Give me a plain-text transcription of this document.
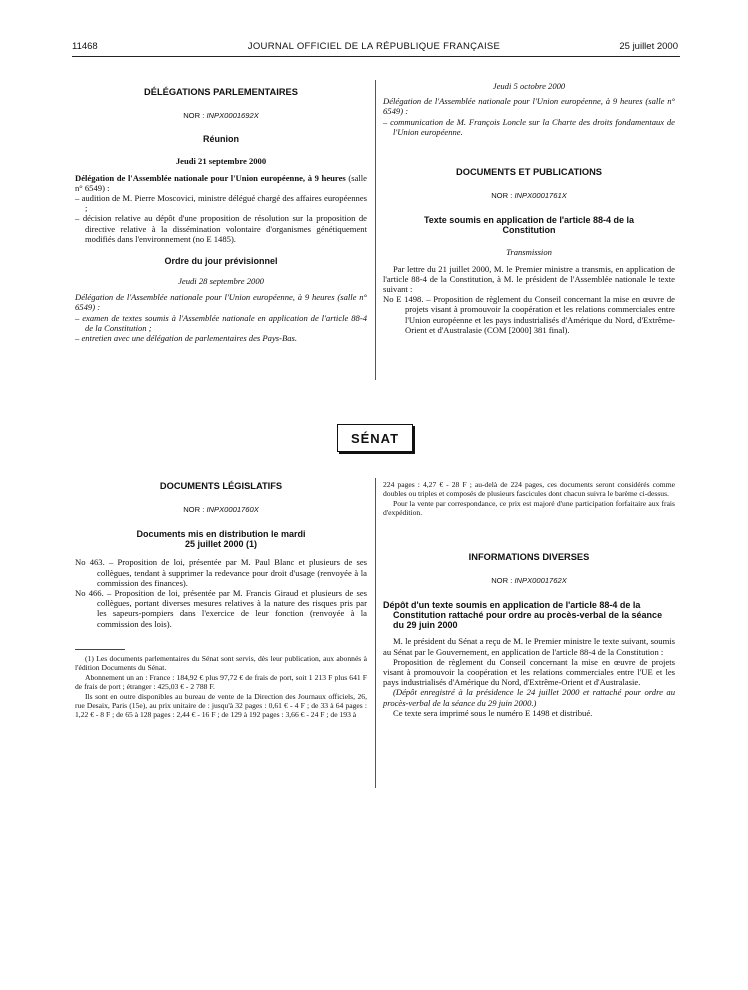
11468	JOURNAL OFFICIEL DE LA RÉPUBLIQUE FRANÇAISE	25 juillet 2000
DÉLÉGATIONS PARLEMENTAIRES
NOR : INPX0001692X
Réunion
Jeudi 21 septembre 2000

Délégation de l'Assemblée nationale pour l'Union européenne, à 9 heures (salle n° 6549) :

– audition de M. Pierre Moscovici, ministre délégué chargé des affaires européennes ;

– décision relative au dépôt d'une proposition de résolution sur la proposition de directive relative à la dissémination volontaire d'organismes génétiquement modifiés dans l'environnement (no E 1485).

Ordre du jour prévisionnel
Jeudi 28 septembre 2000

Délégation de l'Assemblée nationale pour l'Union européenne, à 9 heures (salle n° 6549) :

– examen de textes soumis à l'Assemblée nationale en application de l'article 88-4 de la Constitution ;

– entretien avec une délégation de parlementaires des Pays-Bas.

Jeudi 5 octobre 2000

Délégation de l'Assemblée nationale pour l'Union européenne, à 9 heures (salle n° 6549) :

– communication de M. François Loncle sur la Charte des droits fondamentaux de l'Union européenne.

DOCUMENTS ET PUBLICATIONS
NOR : INPX0001761X
Texte soumis en application de l'article 88-4 de la Constitution
Transmission

Par lettre du 21 juillet 2000, M. le Premier ministre a transmis, en application de l'article 88-4 de la Constitution, à M. le président de l'Assemblée nationale le texte suivant :

No E 1498. – Proposition de règlement du Conseil concernant la mise en œuvre de projets visant à promouvoir la coopération et les relations commerciales entre l'Union européenne et les pays industrialisés d'Amérique du Nord, d'Extrême-Orient et d'Australasie (COM [2000] 381 final).

SÉNAT
DOCUMENTS LÉGISLATIFS
NOR : INPX0001760X
Documents mis en distribution le mardi 25 juillet 2000 (1)

No 463. – Proposition de loi, présentée par M. Paul Blanc et plusieurs de ses collègues, tendant à supprimer la redevance pour droit d'usage (renvoyée à la commission des finances).

No 466. – Proposition de loi, présentée par M. Francis Giraud et plusieurs de ses collègues, portant diverses mesures relatives à la nature des risques pris par les sapeurs-pompiers dans l'exercice de leur fonction (renvoyée à la commission des lois).

(1) Les documents parlementaires du Sénat sont servis, dès leur publication, aux abonnés à l'édition Documents du Sénat.

Abonnement un an : France : 184,92 € plus 97,72 € de frais de port, soit 1 213 F plus 641 F de frais de port ; étranger : 425,03 € - 2 788 F.

Ils sont en outre disponibles au bureau de vente de la Direction des Journaux officiels, 26, rue Desaix, Paris (15e), au prix unitaire de : jusqu'à 32 pages : 0,61 € - 4 F ; de 33 à 64 pages : 1,22 € - 8 F ; de 65 à 128 pages : 2,44 € - 16 F ; de 129 à 192 pages : 3,66 € - 24 F ; de 193 à

224 pages : 4,27 € - 28 F ; au-delà de 224 pages, ces documents seront considérés comme doubles ou triples et composés de plusieurs fascicules dont chacun suivra le barème ci-dessus.

Pour la vente par correspondance, ce prix est majoré d'une participation forfaitaire aux frais d'expédition.

INFORMATIONS DIVERSES
NOR : INPX0001762X
Dépôt d'un texte soumis en application de l'article 88-4 de la Constitution rattaché pour ordre au procès-verbal de la séance du 29 juin 2000

M. le président du Sénat a reçu de M. le Premier ministre le texte suivant, soumis au Sénat par le Gouvernement, en application de l'article 88-4 de la Constitution :

Proposition de règlement du Conseil concernant la mise en œuvre de projets visant à promouvoir la coopération et les relations commerciales entre l'UE et les pays industrialisés d'Amérique du Nord, d'Extrême-Orient et d'Australasie.

(Dépôt enregistré à la présidence le 24 juillet 2000 et rattaché pour ordre au procès-verbal de la séance du 29 juin 2000.)

Ce texte sera imprimé sous le numéro E 1498 et distribué.
